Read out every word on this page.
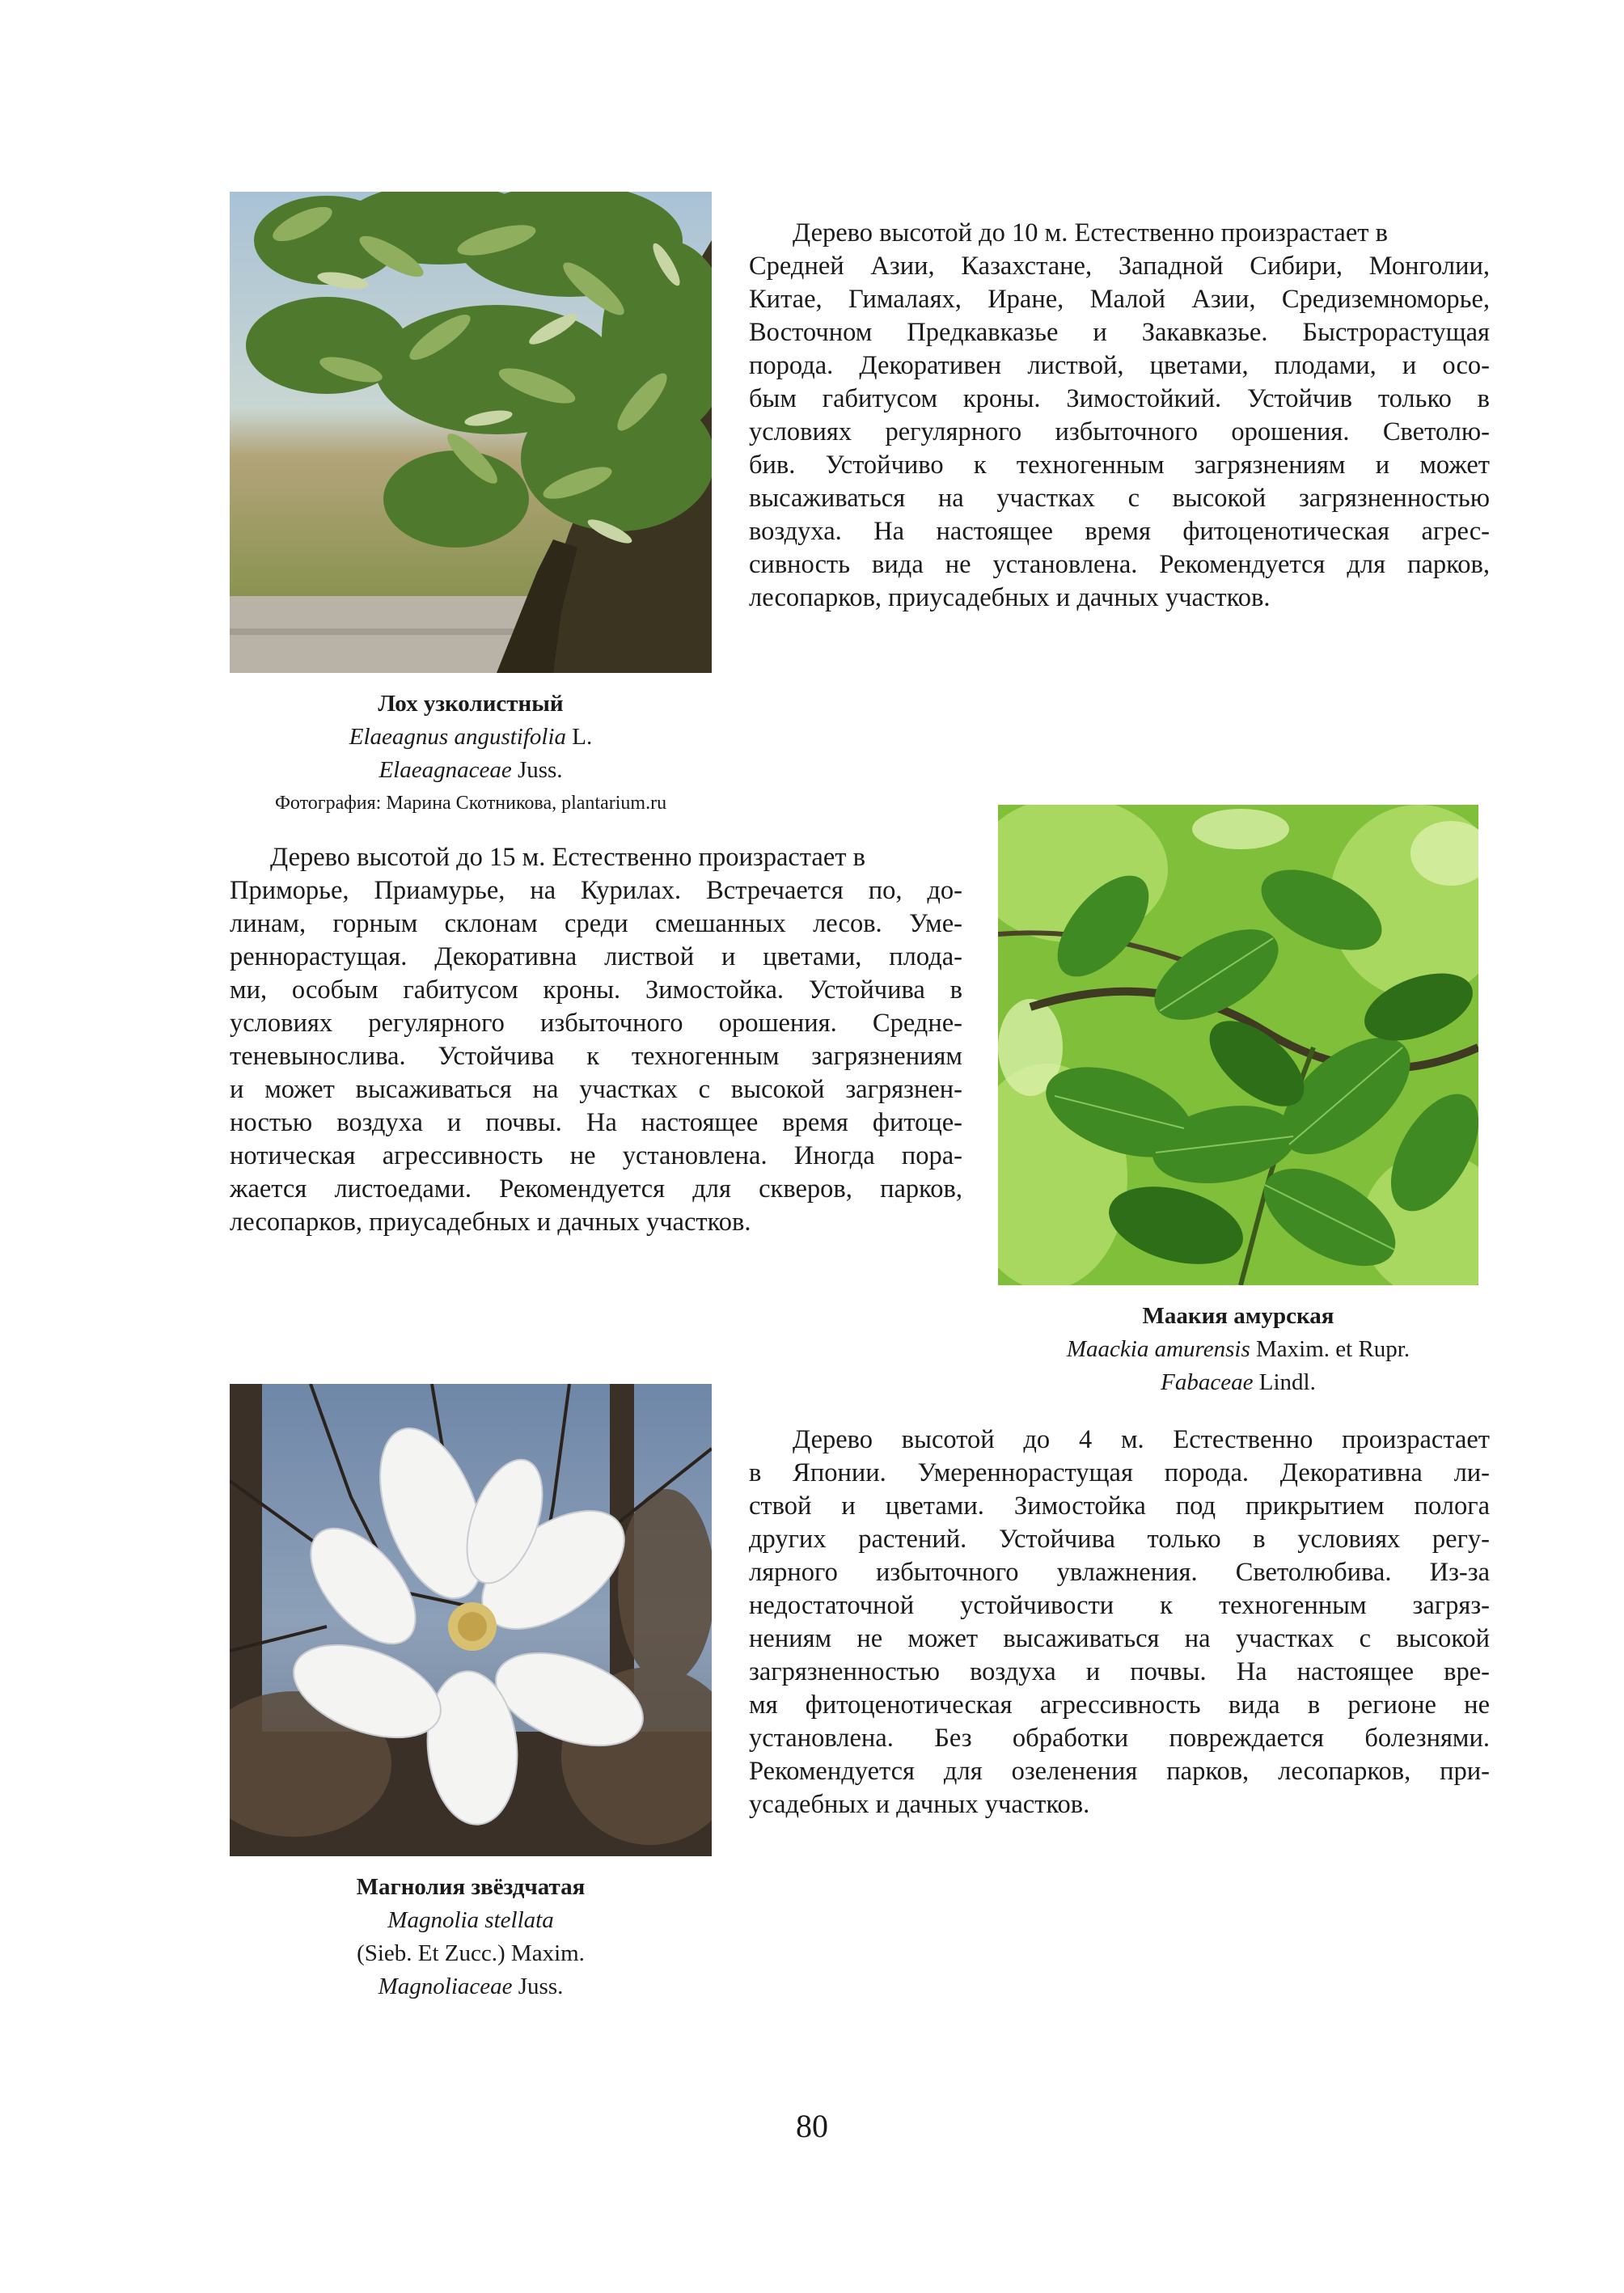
Лох узколистный
Elaeagnus angustifolia L.
Elaeagnaceae Juss.
Фотография: Марина Скотникова, plantarium.ru
Дерево высотой до 10 м. Естественно произрастает в
Средней Азии, Казахстане, Западной Сибири, Монголии,
Китае, Гималаях, Иране, Малой Азии, Средиземноморье,
Восточном Предкавказье и Закавказье. Быстрорастущая
порода. Декоративен листвой, цветами, плодами, и осо-
бым габитусом кроны. Зимостойкий. Устойчив только в
условиях регулярного избыточного орошения. Светолю-
бив. Устойчиво к техногенным загрязнениям и может
высаживаться на участках с высокой загрязненностью
воздуха. На настоящее время фитоценотическая агрес-
сивность вида не установлена. Рекомендуется для парков,
лесопарков, приусадебных и дачных участков.
Дерево высотой до 15 м. Естественно произрастает в
Приморье, Приамурье, на Курилах. Встречается по, до-
линам, горным склонам среди смешанных лесов. Уме-
реннорастущая. Декоративна листвой и цветами, плода-
ми, особым габитусом кроны. Зимостойка. Устойчива в
условиях регулярного избыточного орошения. Средне-
теневынослива. Устойчива к техногенным загрязнениям
и может высаживаться на участках с высокой загрязнен-
ностью воздуха и почвы. На настоящее время фитоце-
нотическая агрессивность не установлена. Иногда пора-
жается листоедами. Рекомендуется для скверов, парков,
лесопарков, приусадебных и дачных участков.
Маакия амурская
Maackia amurensis Maxim. et Rupr.
Fabaceae Lindl.
Магнолия звёздчатая
Magnolia stellata
(Sieb. Et Zucc.) Maxim.
Magnoliaceae Juss.
Дерево высотой до 4 м. Естественно произрастает
в Японии. Умереннорастущая порода. Декоративна ли-
ствой и цветами. Зимостойка под прикрытием полога
других растений. Устойчива только в условиях регу-
лярного избыточного увлажнения. Светолюбива. Из-за
недостаточной устойчивости к техногенным загряз-
нениям не может высаживаться на участках с высокой
загрязненностью воздуха и почвы. На настоящее вре-
мя фитоценотическая агрессивность вида в регионе не
установлена. Без обработки повреждается болезнями.
Рекомендуется для озеленения парков, лесопарков, при-
усадебных и дачных участков.
80
